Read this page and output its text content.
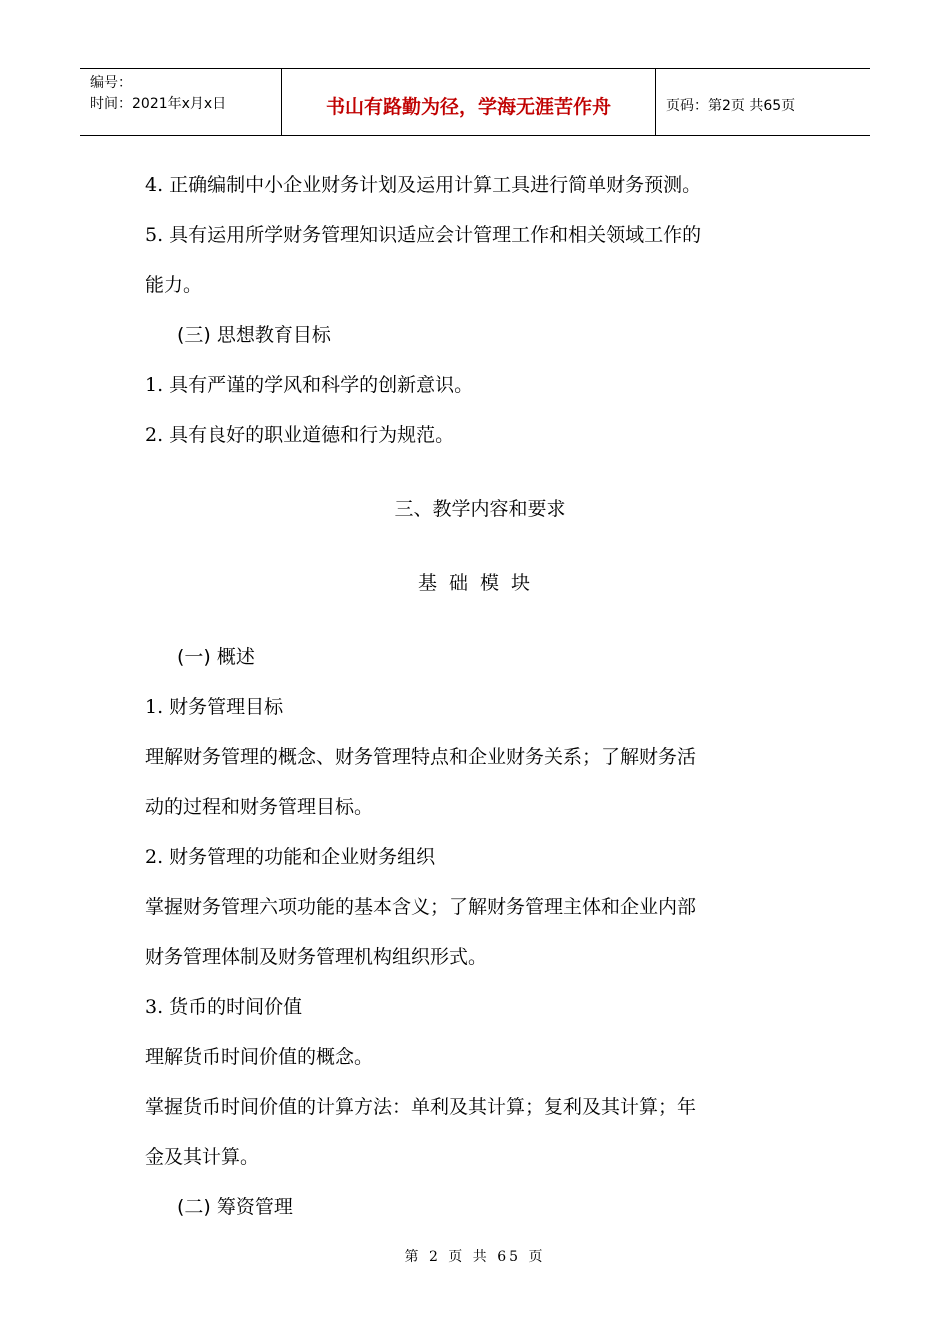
编号：
时间：2021年x月x日	书山有路勤为径，学海无涯苦作舟	页码：第2页 共65页
4. 正确编制中小企业财务计划及运用计算工具进行简单财务预测。
5. 具有运用所学财务管理知识适应会计管理工作和相关领域工作的
能力。
(三) 思想教育目标
1. 具有严谨的学风和科学的创新意识。
2. 具有良好的职业道德和行为规范。
三、教学内容和要求
基础模块
(一) 概述
1. 财务管理目标
理解财务管理的概念、财务管理特点和企业财务关系；了解财务活
动的过程和财务管理目标。
2. 财务管理的功能和企业财务组织
掌握财务管理六项功能的基本含义；了解财务管理主体和企业内部
财务管理体制及财务管理机构组织形式。
3. 货币的时间价值
理解货币时间价值的概念。
掌握货币时间价值的计算方法：单利及其计算；复利及其计算；年
金及其计算。
(二) 筹资管理
第 2 页 共 65 页
